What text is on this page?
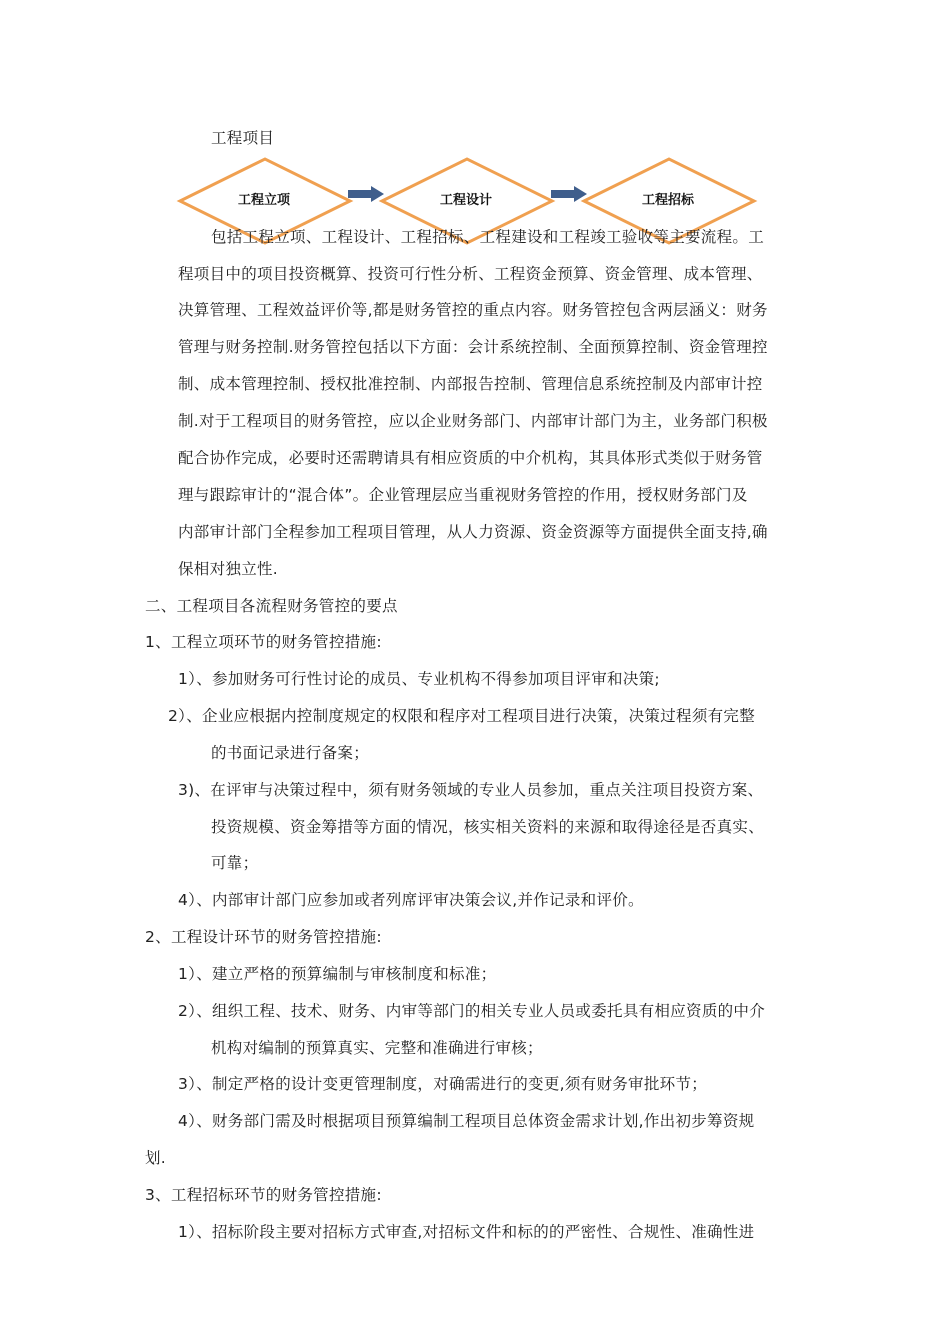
工程项目
工程立项	工程设计	工程招标
包括工程立项、工程设计、工程招标、工程建设和工程竣工验收等主要流程。工
程项目中的项目投资概算、投资可行性分析、工程资金预算、资金管理、成本管理、
决算管理、工程效益评价等,都是财务管控的重点内容。财务管控包含两层涵义：财务
管理与财务控制.财务管控包括以下方面：会计系统控制、全面预算控制、资金管理控
制、成本管理控制、授权批准控制、内部报告控制、管理信息系统控制及内部审计控
制.对于工程项目的财务管控，应以企业财务部门、内部审计部门为主，业务部门积极
配合协作完成，必要时还需聘请具有相应资质的中介机构，其具体形式类似于财务管
理与跟踪审计的“混合体”。企业管理层应当重视财务管控的作用，授权财务部门及
内部审计部门全程参加工程项目管理，从人力资源、资金资源等方面提供全面支持,确
保相对独立性.
二、工程项目各流程财务管控的要点
1、工程立项环节的财务管控措施:
1）、参加财务可行性讨论的成员、专业机构不得参加项目评审和决策;
2）、企业应根据内控制度规定的权限和程序对工程项目进行决策，决策过程须有完整
的书面记录进行备案；
3)、在评审与决策过程中，须有财务领域的专业人员参加，重点关注项目投资方案、
投资规模、资金筹措等方面的情况，核实相关资料的来源和取得途径是否真实、
可靠；
4）、内部审计部门应参加或者列席评审决策会议,并作记录和评价。
2、工程设计环节的财务管控措施:
1）、建立严格的预算编制与审核制度和标准；
2）、组织工程、技术、财务、内审等部门的相关专业人员或委托具有相应资质的中介
机构对编制的预算真实、完整和准确进行审核；
3）、制定严格的设计变更管理制度，对确需进行的变更,须有财务审批环节；
4）、财务部门需及时根据项目预算编制工程项目总体资金需求计划,作出初步筹资规
划.
3、工程招标环节的财务管控措施:
1）、招标阶段主要对招标方式审查,对招标文件和标的的严密性、合规性、准确性进
